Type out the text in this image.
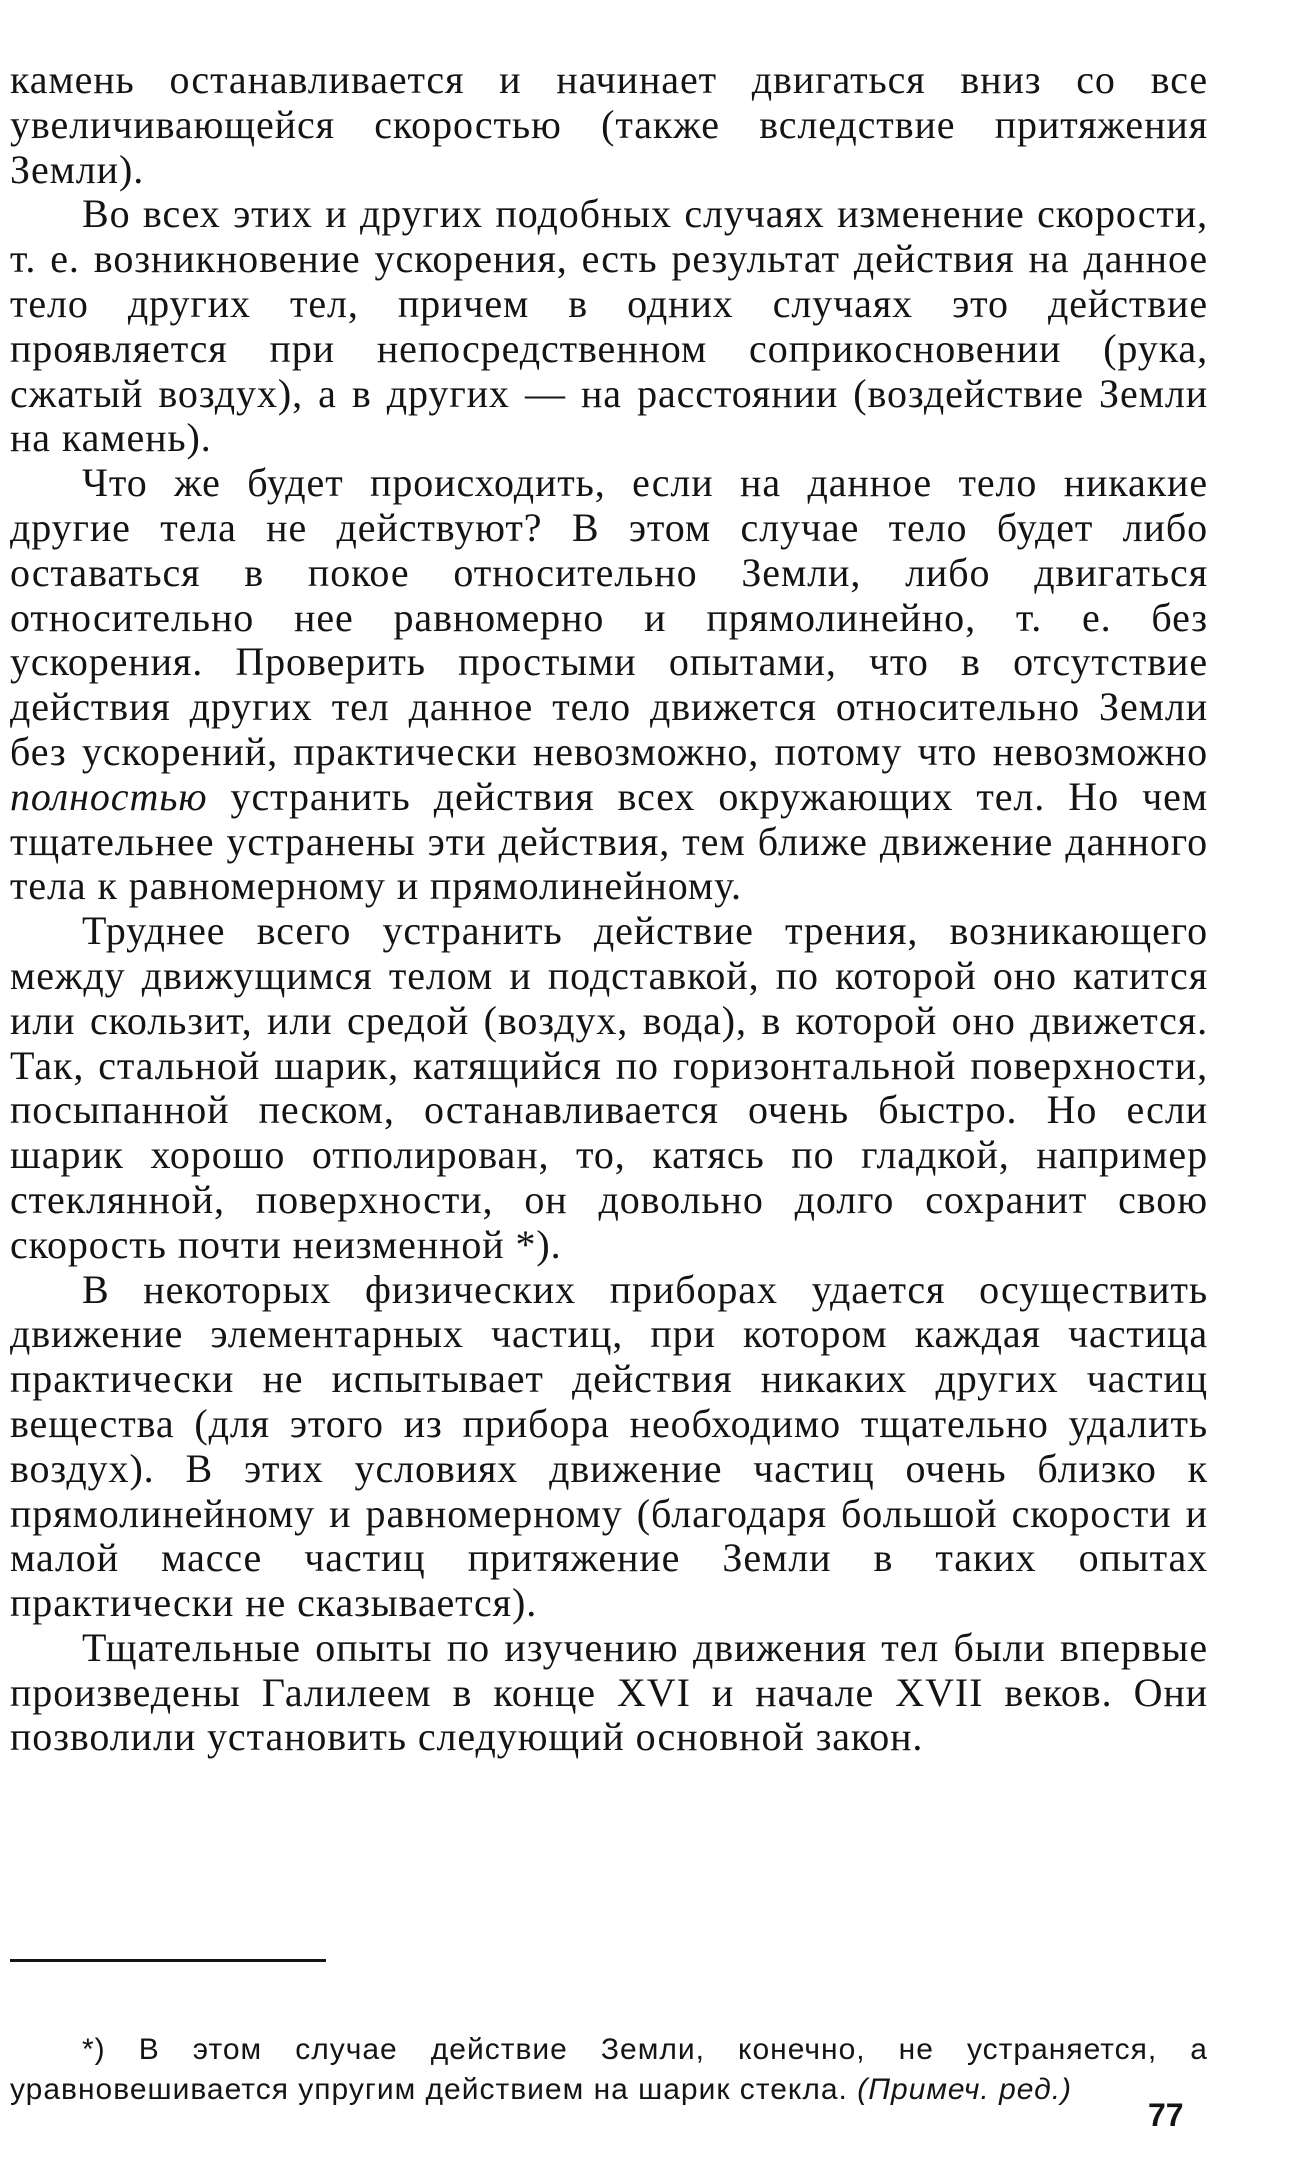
камень останавливается и начинает двигаться вниз со все увеличивающейся скоростью (также вследствие притяжения Земли).

Во всех этих и других подобных случаях изменение скорости, т. е. возникновение ускорения, есть результат действия на данное тело других тел, причем в одних случаях это действие проявляется при непосредственном соприкосновении (рука, сжатый воздух), а в других — на расстоянии (воздействие Земли на камень).

Что же будет происходить, если на данное тело никакие другие тела не действуют? В этом случае тело будет либо оставаться в покое относительно Земли, либо двигаться относительно нее равномерно и прямолинейно, т. е. без ускорения. Проверить простыми опытами, что в отсутствие действия других тел данное тело движется относительно Земли без ускорений, практически невозможно, потому что невозможно полностью устранить действия всех окружающих тел. Но чем тщательнее устранены эти действия, тем ближе движение данного тела к равномерному и прямолинейному.

Труднее всего устранить действие трения, возникающего между движущимся телом и подставкой, по которой оно катится или скользит, или средой (воздух, вода), в которой оно движется. Так, стальной шарик, катящийся по горизонтальной поверхности, посыпанной песком, останавливается очень быстро. Но если шарик хорошо отполирован, то, катясь по гладкой, например стеклянной, поверхности, он довольно долго сохранит свою скорость почти неизменной *).

В некоторых физических приборах удается осуществить движение элементарных частиц, при котором каждая частица практически не испытывает действия никаких других частиц вещества (для этого из прибора необходимо тщательно удалить воздух). В этих условиях движение частиц очень близко к прямолинейному и равномерному (благодаря большой скорости и малой массе частиц притяжение Земли в таких опытах практически не сказывается).

Тщательные опыты по изучению движения тел были впервые произведены Галилеем в конце XVI и начале XVII веков. Они позволили установить следующий основной закон.

*) В этом случае действие Земли, конечно, не устраняется, а уравновешивается упругим действием на шарик стекла. (Примеч. ред.)

77
